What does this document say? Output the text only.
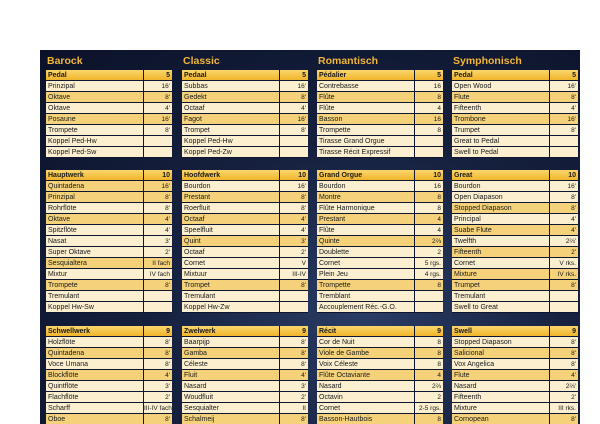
Barock
Pedal	5
Prinzipal	16'
Oktave	8'
Oktave	4'
Posaune	16'
Trompete	8'
Koppel Ped-Hw
Koppel Ped-Sw
Hauptwerk	10
Quintadena	16'
Prinzipal	8'
Rohrflöte	8'
Oktave	4'
Spitzflöte	4'
Nasat	3'
Super Oktave	2'
Sesquialtera	II fach
Mixtur	IV fach
Trompete	8'
Tremulant
Koppel Hw-Sw
Schwellwerk	9
Holzflöte	8'
Quintadena	8'
Voce Umana	8'
Blockflöte	4'
Quintflöte	3'
Flachflöte	2'
Scharff	III-IV fach
Oboe	8'
Classic
Pedaal	5
Subbas	16'
Gedekt	8'
Octaaf	4'
Fagot	16'
Trompet	8'
Koppel Ped-Hw
Koppel Ped-Zw
Hoofdwerk	10
Bourdon	16'
Prestant	8'
Roerfluit	8'
Octaaf	4'
Speelfluit	4'
Quint	3'
Octaaf	2'
Cornet	V
Mixtuur	III-IV
Trompet	8'
Tremulant
Koppel Hw-Zw
Zwelwerk	9
Baarpijp	8'
Gamba	8'
Céleste	8'
Fluit	4'
Nasard	3'
Woudfluit	2'
Sesquialter	II
Schalmeij	8'
Romantisch
Pédalier	5
Contrebasse	16
Flûte	8
Flûte	4
Basson	16
Trompette	8
Tirasse Grand Orgue
Tirasse Récit Expressif
Grand Orgue	10
Bourdon	16
Montre	8
Flûte Harmonique	8
Prestant	4
Flûte	4
Quinte	2⅔
Doublette	2
Cornet	5 rgs.
Plein Jeu	4 rgs.
Trompette	8
Tremblant
Accouplement Réc.-G.O.
Récit	9
Cor de Nuit	8
Viole de Gambe	8
Voix Céleste	8
Flûte Octaviante	4
Nasard	2⅔
Octavin	2
Cornet	2-5 rgs.
Basson-Hautbois	8
Symphonisch
Pedal	5
Open Wood	16'
Flute	8'
Fifteenth	4'
Trombone	16'
Trumpet	8'
Great to Pedal
Swell to Pedal
Great	10
Bourdon	16'
Open Diapason	8'
Stopped Diapason	8'
Principal	4'
Suabe Flute	4'
Twelfth	2⅔'
Fifteenth	2'
Cornet	V rks.
Mixture	IV rks.
Trumpet	8'
Tremulant
Swell to Great
Swell	9
Stopped Diapason	8'
Salicional	8'
Vox Angelica	8'
Flute	4'
Nasard	2⅔'
Fifteenth	2'
Mixture	III rks.
Cornopean	8'
